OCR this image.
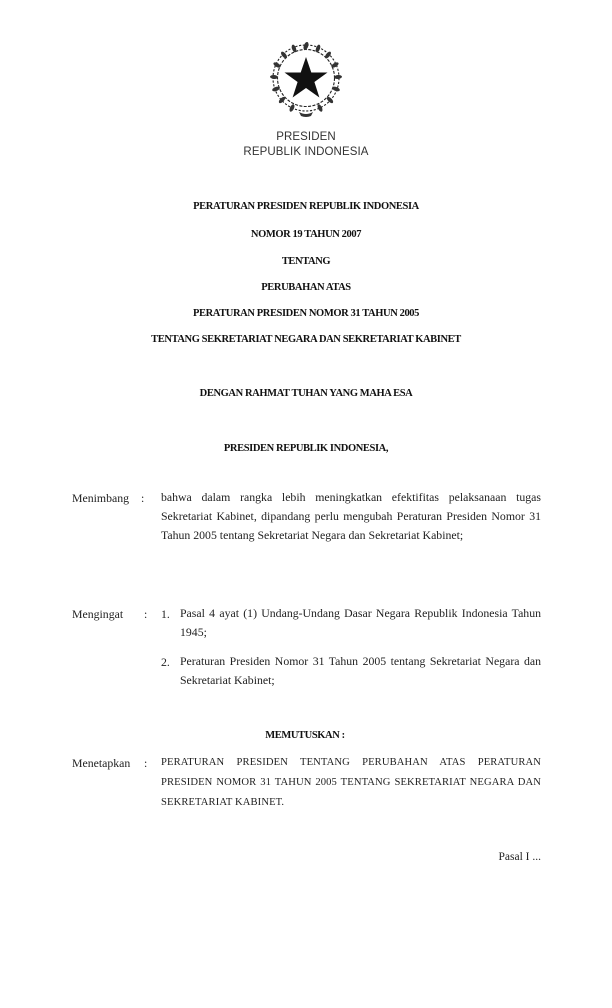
PRESIDEN
REPUBLIK INDONESIA
PERATURAN PRESIDEN REPUBLIK INDONESIA
NOMOR 19 TAHUN 2007
TENTANG
PERUBAHAN ATAS
PERATURAN PRESIDEN NOMOR 31 TAHUN 2005
TENTANG SEKRETARIAT NEGARA DAN SEKRETARIAT KABINET
DENGAN RAHMAT TUHAN YANG MAHA ESA
PRESIDEN REPUBLIK INDONESIA,
Menimbang : bahwa dalam rangka lebih meningkatkan efektifitas pelaksanaan tugas Sekretariat Kabinet, dipandang perlu mengubah Peraturan Presiden Nomor 31 Tahun 2005 tentang Sekretariat Negara dan Sekretariat Kabinet;
Mengingat : 1. Pasal 4 ayat (1) Undang-Undang Dasar Negara Republik Indonesia Tahun 1945;
2. Peraturan Presiden Nomor 31 Tahun 2005 tentang Sekretariat Negara dan Sekretariat Kabinet;
MEMUTUSKAN :
Menetapkan : PERATURAN PRESIDEN TENTANG PERUBAHAN ATAS PERATURAN PRESIDEN NOMOR 31 TAHUN 2005 TENTANG SEKRETARIAT NEGARA DAN SEKRETARIAT KABINET.
Pasal I ...
